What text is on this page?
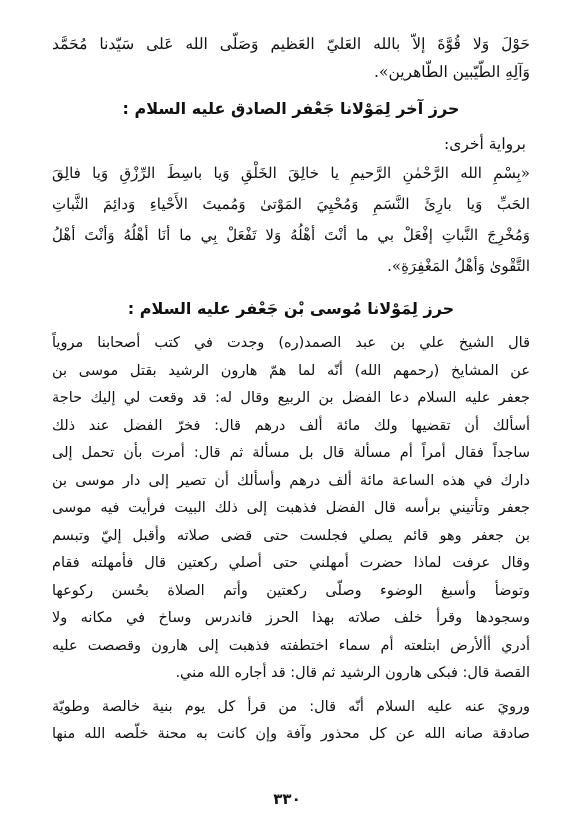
حَوْلَ وَلا قُوَّةَ إلاّ بالله العَليّ العَظيم وَصَلّى الله عَلى سَيّدنا مُحَمَّد
وَآلِهِ الطّيّبين الطّاهرين».
حرز آخر لِمَوْلانا جَعْفر الصادق عليه السلام :
برواية أخرى:
«بِسْمِ الله الرَّحْمٰنِ الرَّحيمِ يا خالِقَ الخَلْقِ وَيا باسِطَ الرِّزْقِ وَيا فالِقَ
الحَبِّ وَيا بارِئَ النَّسَمِ وَمُحْيِيَ المَوْتىٰ وَمُميتَ الأَحْياءِ وَدائِمَ الثَّباتِ
وَمُخْرِجَ النَّباتِ إفْعَلْ بي ما أنْتَ أهْلُهُ وَلا تَفْعَلْ بِي ما أنَا أهْلُهُ وَأنْتَ أهْلُ
التَّقْوىٰ وَأهْلُ المَغْفِرَةِ».
حرز لِمَوْلانا مُوسى بْن جَعْفر عليه السلام :
قال الشيخ علي بن عبد الصمد(ره) وجدت في كتب أصحابنا مروياً
عن المشايخ (رحمهم الله) أنّه لما همّ هارون الرشيد بقتل موسى بن
جعفر عليه السلام دعا الفضل بن الربيع وقال له: قد وقعت لي إليك حاجة
أسألك أن تقضيها ولك مائة ألف درهم قال: فخرّ الفضل عند ذلك
ساجداً فقال أمراً أم مسألة قال بل مسألة ثم قال: أمرت بأن تحمل إلى
دارك في هذه الساعة مائة ألف درهم وأسألك أن تصير إلى دار موسى بن
جعفر وتأتيني برأسه قال الفضل فذهبت إلى ذلك البيت فرأيت فيه موسى
بن جعفر وهو قائم يصلي فجلست حتى قضى صلاته وأقبل إليّ وتبسم
وقال عرفت لماذا حضرت أمهلني حتى أصلي ركعتين قال فأمهلته فقام
وتوضأ وأسبغ الوضوء وصلّى ركعتين وأتم الصلاة بحُسن ركوعها
وسجودها وقرأ خلف صلاته بهذا الحرز فاندرس وساخ في مكانه ولا
أدري أألأرض ابتلعته أم سماء اختطفته فذهبت إلى هارون وقصصت عليه
القصة قال: فبكى هارون الرشيد ثم قال: قد أجاره الله مني.
ورويَ عنه عليه السلام أنّه قال: من قرأ كل يوم بنية خالصة وطويّة
صادقة صانه الله عن كل محذور وآفة وإن كانت به محنة خلّصه الله منها
٣٣٠
